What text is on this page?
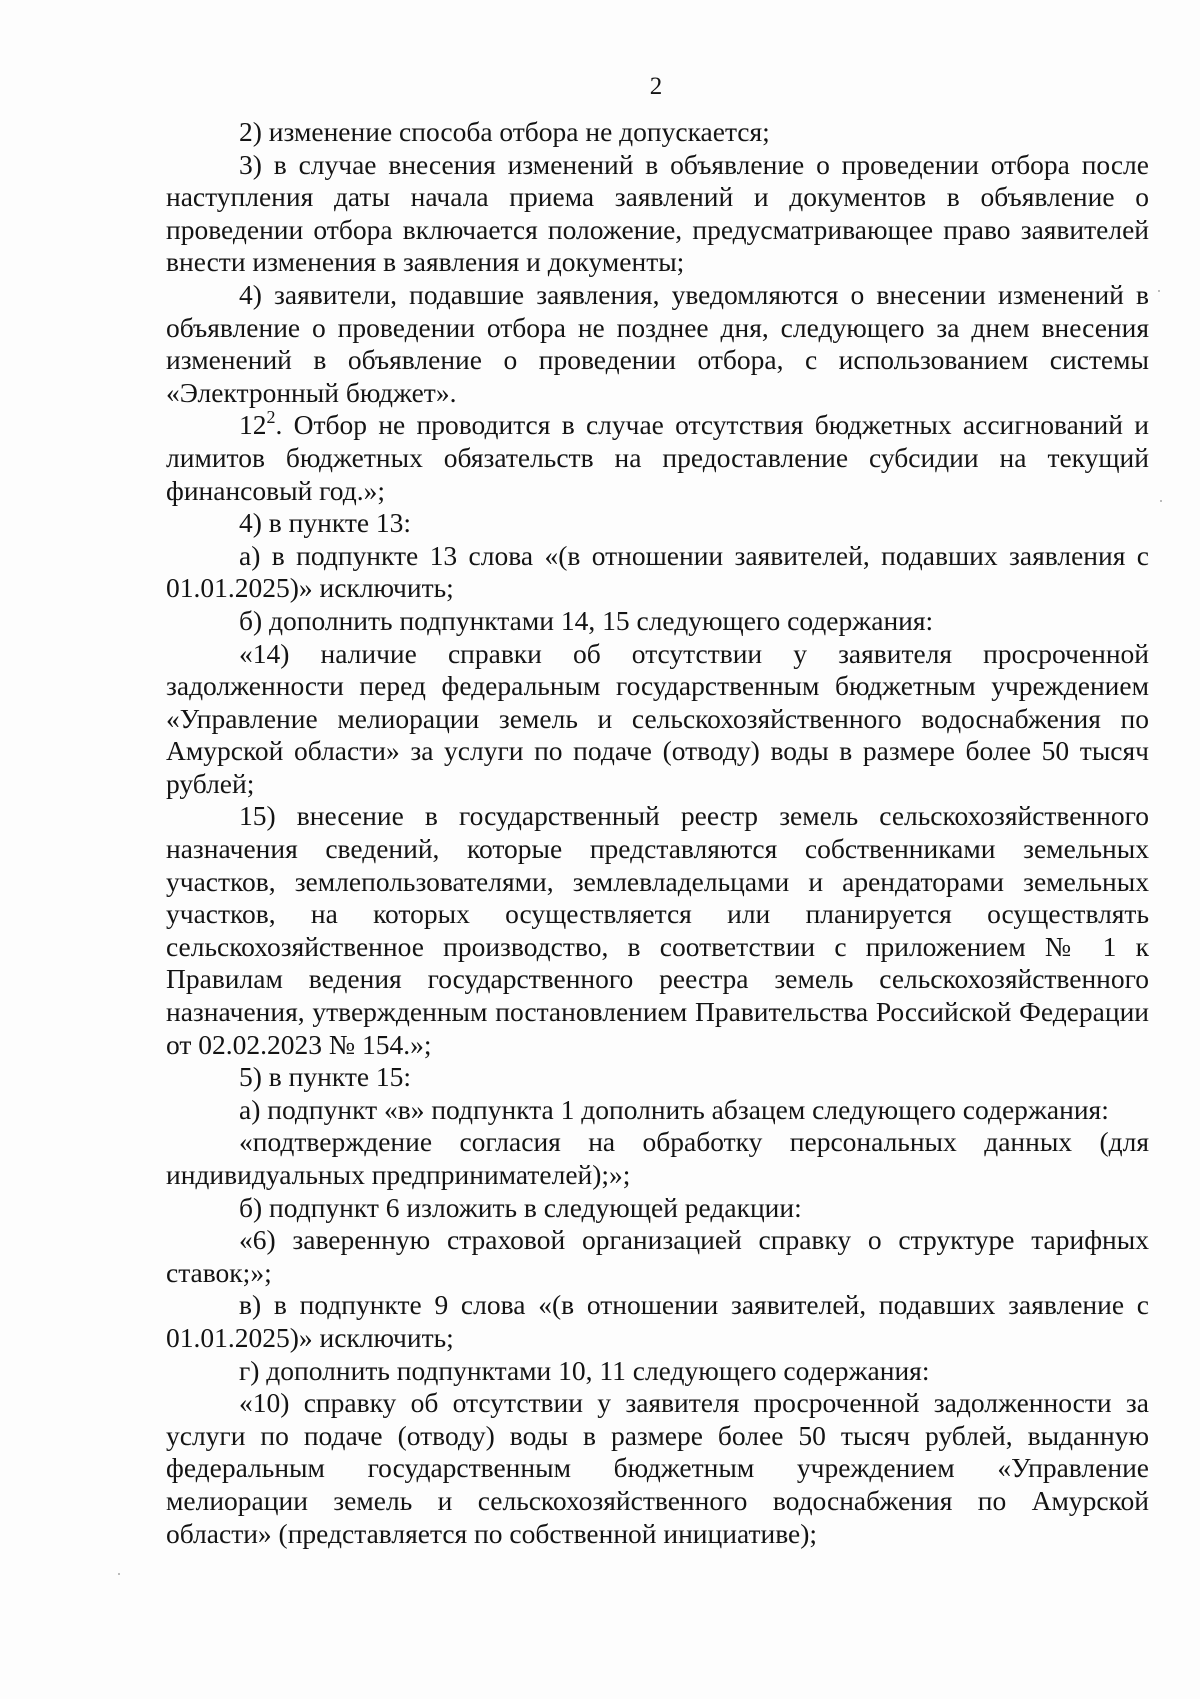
2

2) изменение способа отбора не допускается;

3) в случае внесения изменений в объявление о проведении отбора после наступления даты начала приема заявлений и документов в объявление о проведении отбора включается положение, предусматривающее право заявителей внести изменения в заявления и документы;

4) заявители, подавшие заявления, уведомляются о внесении изменений в объявление о проведении отбора не позднее дня, следующего за днем внесения изменений в объявление о проведении отбора, с использованием системы «Электронный бюджет».

$12^2$. Отбор не проводится в случае отсутствия бюджетных ассигнований и лимитов бюджетных обязательств на предоставление субсидии на текущий финансовый год.»;

4) в пункте 13:

а) в подпункте 13 слова «(в отношении заявителей, подавших заявления с 01.01.2025)» исключить;

б) дополнить подпунктами 14, 15 следующего содержания:

«14) наличие справки об отсутствии у заявителя просроченной задолженности перед федеральным государственным бюджетным учреждением «Управление мелиорации земель и сельскохозяйственного водоснабжения по Амурской области» за услуги по подаче (отводу) воды в размере более 50 тысяч рублей;

15) внесение в государственный реестр земель сельскохозяйственного назначения сведений, которые представляются собственниками земельных участков, землепользователями, землевладельцами и арендаторами земельных участков, на которых осуществляется или планируется осуществлять сельскохозяйственное производство, в соответствии с приложением № 1 к Правилам ведения государственного реестра земель сельскохозяйственного назначения, утвержденным постановлением Правительства Российской Федерации от 02.02.2023 № 154.»;

5) в пункте 15:

а) подпункт «в» подпункта 1 дополнить абзацем следующего содержания:

«подтверждение согласия на обработку персональных данных (для индивидуальных предпринимателей);»;

б) подпункт 6 изложить в следующей редакции:

«6) заверенную страховой организацией справку о структуре тарифных ставок;»;

в) в подпункте 9 слова «(в отношении заявителей, подавших заявление с 01.01.2025)» исключить;

г) дополнить подпунктами 10, 11 следующего содержания:

«10) справку об отсутствии у заявителя просроченной задолженности за услуги по подаче (отводу) воды в размере более 50 тысяч рублей, выданную федеральным государственным бюджетным учреждением «Управление мелиорации земель и сельскохозяйственного водоснабжения по Амурской области» (представляется по собственной инициативе);
